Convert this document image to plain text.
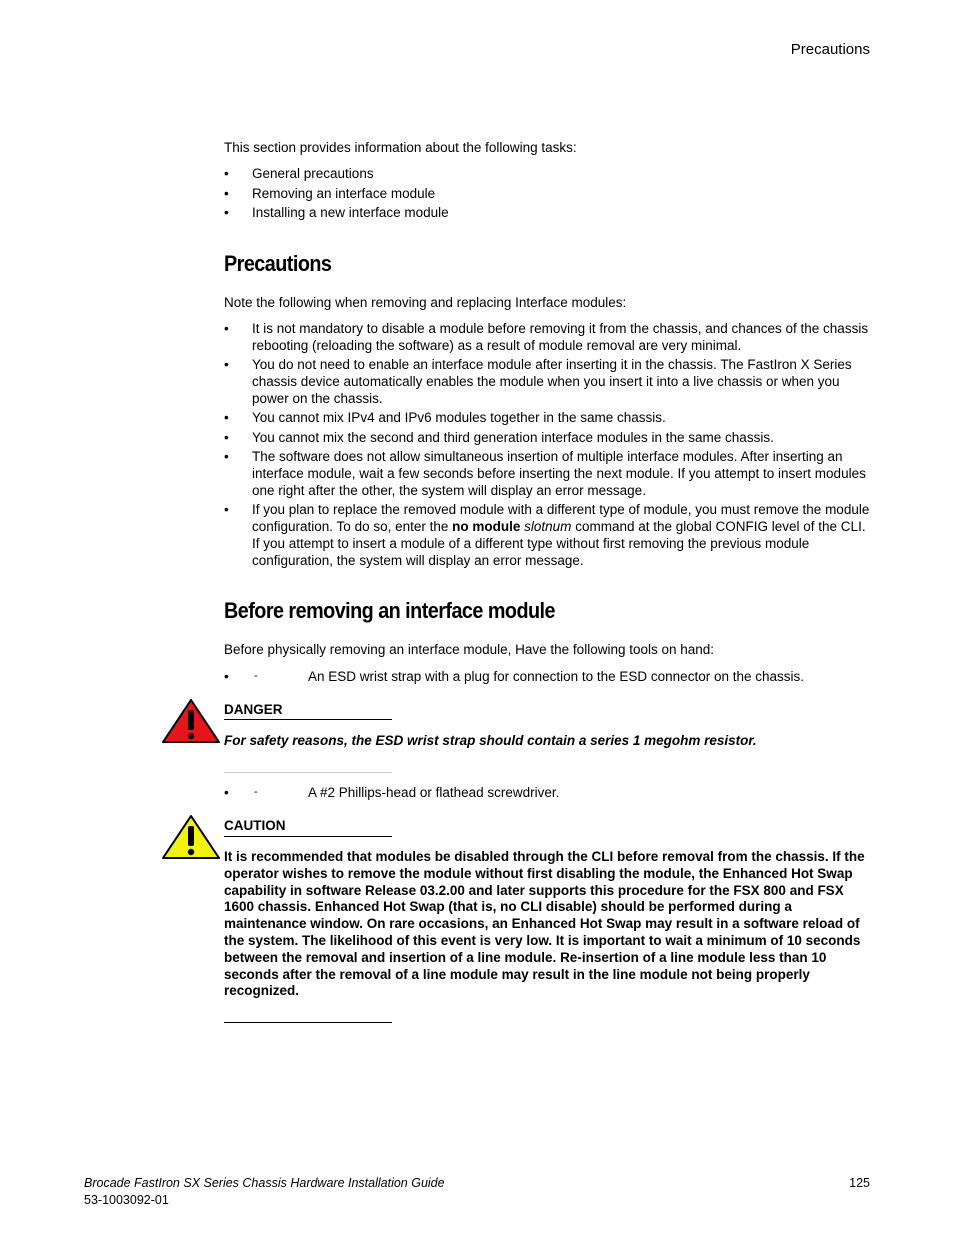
Precautions
This section provides information about the following tasks:
• General precautions
• Removing an interface module
• Installing a new interface module
Precautions
Note the following when removing and replacing Interface modules:
• It is not mandatory to disable a module before removing it from the chassis, and chances of the chassis rebooting (reloading the software) as a result of module removal are very minimal.
• You do not need to enable an interface module after inserting it in the chassis. The FastIron X Series chassis device automatically enables the module when you insert it into a live chassis or when you power on the chassis.
• You cannot mix IPv4 and IPv6 modules together in the same chassis.
• You cannot mix the second and third generation interface modules in the same chassis.
• The software does not allow simultaneous insertion of multiple interface modules. After inserting an interface module, wait a few seconds before inserting the next module. If you attempt to insert modules one right after the other, the system will display an error message.
• If you plan to replace the removed module with a different type of module, you must remove the module configuration. To do so, enter the no module slotnum command at the global CONFIG level of the CLI. If you attempt to insert a module of a different type without first removing the previous module configuration, the system will display an error message.
Before removing an interface module
Before physically removing an interface module, Have the following tools on hand:
• -	An ESD wrist strap with a plug for connection to the ESD connector on the chassis.
DANGER
For safety reasons, the ESD wrist strap should contain a series 1 megohm resistor.
• -	A #2 Phillips-head or flathead screwdriver.
CAUTION
It is recommended that modules be disabled through the CLI before removal from the chassis. If the operator wishes to remove the module without first disabling the module, the Enhanced Hot Swap capability in software Release 03.2.00 and later supports this procedure for the FSX 800 and FSX 1600 chassis. Enhanced Hot Swap (that is, no CLI disable) should be performed during a maintenance window. On rare occasions, an Enhanced Hot Swap may result in a software reload of the system. The likelihood of this event is very low. It is important to wait a minimum of 10 seconds between the removal and insertion of a line module. Re-insertion of a line module less than 10 seconds after the removal of a line module may result in the line module not being properly recognized.
Brocade FastIron SX Series Chassis Hardware Installation Guide
53-1003092-01
125
